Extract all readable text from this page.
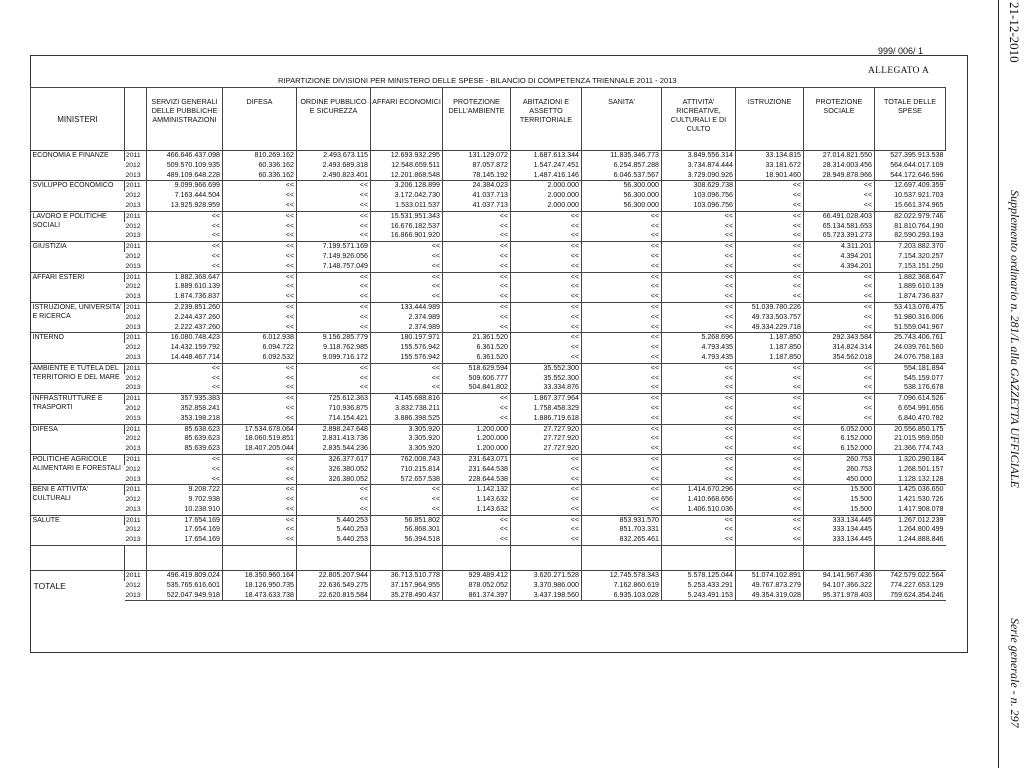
21-12-2010
Supplemento ordinario n. 281/L alla GAZZETTA UFFICIALE
Serie generale - n. 297
999/ 006/ 1
ALLEGATO A
RIPARTIZIONE DIVISIONI PER MINISTERO DELLE SPESE - BILANCIO DI COMPETENZA TRIENNALE 2011 - 2013
MINISTERI		SERVIZI GENERALI DELLE PUBBLICHE AMMINISTRAZIONI	DIFESA	ORDINE PUBBLICO E SICUREZZA	AFFARI ECONOMICI	PROTEZIONE DELL'AMBIENTE	ABITAZIONI E ASSETTO TERRITORIALE	SANITA'	ATTIVITA' RICREATIVE, CULTURALI E DI CULTO	ISTRUZIONE	PROTEZIONE SOCIALE	TOTALE DELLE SPESE
ECONOMIA E FINANZE	2011	466.646.437.098	810.269.162	2.493.673.115	12.693.932.295	131.129.072	1.687.613.344	11.835.346.773	3.849.556.314	33.134.815	27.014.821.550	527.395.913.538
	2012	509.570.109.935	60.336.162	2.493.689.318	12.548.659.511	87.057.872	1.547.247.451	6.254.857.288	3.734.874.444	33.181.672	28.314.003.456	564.644.017.109
	2013	489.109.648.228	60.336.162	2.490.823.401	12.201.868.548	78.145.192	1.487.416.146	6.046.537.567	3.729.090.926	18.901.460	28.949.878.966	544.172.646.596
SVILUPPO ECONOMICO	2011	9.099.966.699	<<	<<	3.206.128.899	24.384.023	2.000.000	56.300.000	308.629.738	<<	<<	12.697.409.359
	2012	7.163.444.504	<<	<<	3.172.042.730	41.037.713	2.000.000	56.300.000	103.096.756	<<	<<	10.537.921.703
	2013	13.925.928.959	<<	<<	1.533.011.537	41.037.713	2.000.000	56.300.000	103.096.756	<<	<<	15.661.374.965
LAVORO E POLITICHE SOCIALI	2011	<<	<<	<<	15.531.951.343	<<	<<	<<	<<	<<	66.491.028.403	82.022.979.746
	2012	<<	<<	<<	16.676.182.537	<<	<<	<<	<<	<<	65.134.581.653	81.810.764.190
	2013	<<	<<	<<	16.866.901.920	<<	<<	<<	<<	<<	65.723.391.273	82.590.293.193
GIUSTIZIA	2011	<<	<<	7.199.571.169	<<	<<	<<	<<	<<	<<	4.311.201	7.203.882.370
	2012	<<	<<	7.149.926.056	<<	<<	<<	<<	<<	<<	4.394.201	7.154.320.257
	2013	<<	<<	7.148.757.049	<<	<<	<<	<<	<<	<<	4.394.201	7.153.151.250
AFFARI ESTERI	2011	1.882.368.647	<<	<<	<<	<<	<<	<<	<<	<<	<<	1.882.368.647
	2012	1.889.610.139	<<	<<	<<	<<	<<	<<	<<	<<	<<	1.889.610.139
	2013	1.874.736.837	<<	<<	<<	<<	<<	<<	<<	<<	<<	1.874.736.837
ISTRUZIONE, UNIVERSITA' E RICERCA	2011	2.239.851.260	<<	<<	133.444.989	<<	<<	<<	<<	51.039.780.226	<<	53.413.076.475
	2012	2.244.437.260	<<	<<	2.374.989	<<	<<	<<	<<	49.733.503.757	<<	51.980.316.006
	2013	2.222.437.260	<<	<<	2.374.989	<<	<<	<<	<<	49.334.229.718	<<	51.559.041.967
INTERNO	2011	16.080.748.423	6.012.938	9.156.285.779	180.197.971	21.361.520	<<	<<	5.268.696	1.187.850	292.343.584	25.743.406.761
	2012	14.432.159.792	6.094.722	9.118.762.985	155.576.942	6.361.520	<<	<<	4.793.435	1.187.850	314.824.314	24.039.761.560
	2013	14.448.467.714	6.092.532	9.099.716.172	155.576.942	6.361.520	<<	<<	4.793.435	1.187.850	354.562.018	24.076.758.183
AMBIENTE E TUTELA DEL TERRITORIO E DEL MARE	2011	<<	<<	<<	<<	518.629.594	35.552.300	<<	<<	<<	<<	554.181.894
	2012	<<	<<	<<	<<	509.606.777	35.552.300	<<	<<	<<	<<	545.159.077
	2013	<<	<<	<<	<<	504.841.802	33.334.876	<<	<<	<<	<<	538.176.678
INFRASTRUTTURE E TRASPORTI	2011	357.935.383	<<	725.612.363	4.145.688.816	<<	1.867.377.964	<<	<<	<<	<<	7.096.614.526
	2012	352.858.241	<<	710.936.875	3.832.738.211	<<	1.758.458.329	<<	<<	<<	<<	6.654.991.656
	2013	353.198.218	<<	714.154.421	3.886.398.525	<<	1.886.719.618	<<	<<	<<	<<	6.840.470.782
DIFESA	2011	85.638.623	17.534.678.064	2.898.247.648	3.305.920	1.200.000	27.727.920	<<	<<	<<	6.052.000	20.556.850.175
	2012	85.639.623	18.060.519.851	2.831.413.736	3.305.920	1.200.000	27.727.920	<<	<<	<<	6.152.000	21.015.959.050
	2013	85.639.623	18.407.205.044	2.835.544.236	3.305.920	1.200.000	27.727.920	<<	<<	<<	6.152.000	21.366.774.743
POLITICHE AGRICOLE ALIMENTARI E FORESTALI	2011	<<	<<	326.377.617	762.008.743	231.643.071	<<	<<	<<	<<	260.753	1.320.290.184
	2012	<<	<<	326.380.052	710.215.814	231.644.538	<<	<<	<<	<<	260.753	1.268.501.157
	2013	<<	<<	326.380.052	572.657.538	228.644.538	<<	<<	<<	<<	450.000	1.128.132.128
BENI E ATTIVITA' CULTURALI	2011	9.208.722	<<	<<	<<	1.142.132	<<	<<	1.414.670.296	<<	15.500	1.425.036.650
	2012	9.702.938	<<	<<	<<	1.143.632	<<	<<	1.410.668.656	<<	15.500	1.421.530.726
	2013	10.238.910	<<	<<	<<	1.143.632	<<	<<	1.406.510.036	<<	15.500	1.417.908.078
SALUTE	2011	17.654.169	<<	5.440.253	56.851.802	<<	<<	853.931.570	<<	<<	333.134.445	1.267.012.239
	2012	17.654.169	<<	5.440.253	56.868.301	<<	<<	851.703.331	<<	<<	333.134.445	1.264.800.499
	2013	17.654.169	<<	5.440.253	56.394.518	<<	<<	832.265.461	<<	<<	333.134.445	1.244.888.846

TOTALE	2011	496.419.809.024	18.350.960.164	22.805.207.944	36.713.510.778	929.489.412	3.620.271.528	12.745.578.343	5.578.125.044	51.074.102.891	94.141.967.436	742.579.022.564
	2012	535.765.616.601	18.126.950.735	22.636.549.275	37.157.964.955	878.052.052	3.370.986.000	7.162.860.619	5.253.433.291	49.767.873.279	94.107.366.322	774.227.653.129
	2013	522.047.949.918	18.473.633.738	22.620.815.584	35.278.490.437	861.374.397	3.437.198.560	6.935.103.028	5.243.491.153	49.354.319.028	95.371.978.403	759.624.354.246
